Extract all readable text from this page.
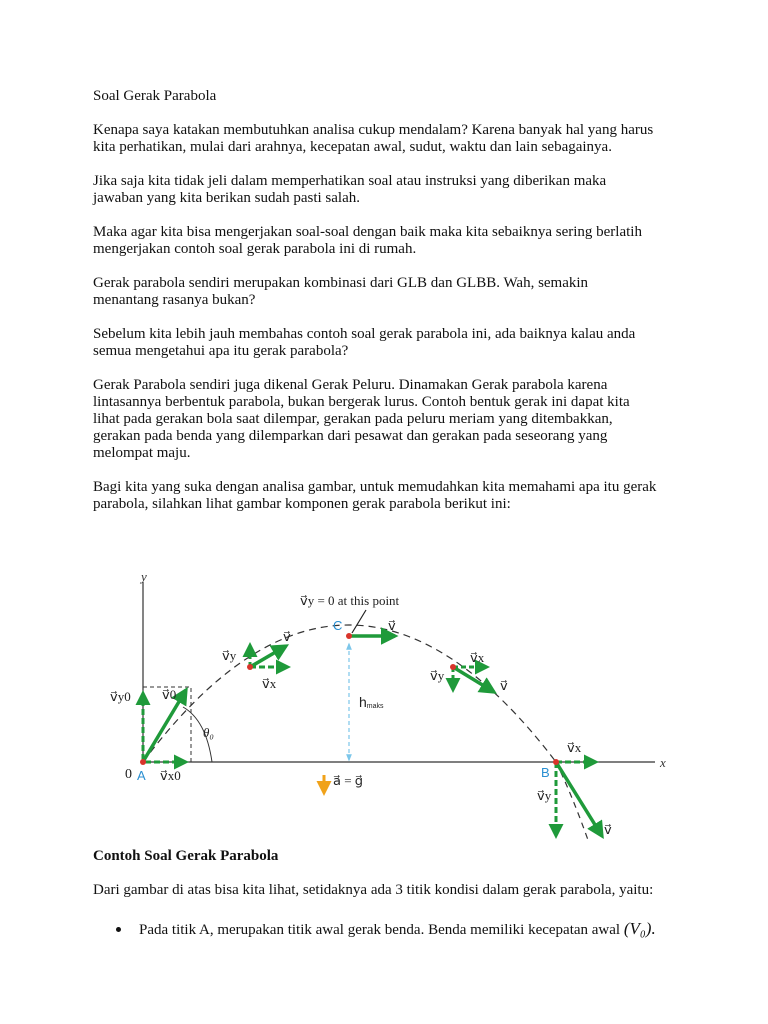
Soal Gerak Parabola
Kenapa saya katakan membutuhkan analisa cukup mendalam? Karena banyak hal yang harus
kita perhatikan, mulai dari arahnya, kecepatan awal, sudut, waktu dan lain sebagainya.
Jika saja kita tidak jeli dalam memperhatikan soal atau instruksi yang diberikan maka
jawaban yang kita berikan sudah pasti salah.
Maka agar kita bisa mengerjakan soal-soal dengan baik maka kita sebaiknya sering berlatih
mengerjakan contoh soal gerak parabola ini di rumah.
Gerak parabola sendiri merupakan kombinasi dari GLB dan GLBB. Wah, semakin
menantang rasanya bukan?
Sebelum kita lebih jauh membahas contoh soal gerak parabola ini, ada baiknya kalau anda
semua mengetahui apa itu gerak parabola?
Gerak Parabola sendiri juga dikenal Gerak Peluru. Dinamakan Gerak parabola karena
lintasannya berbentuk parabola, bukan bergerak lurus. Contoh bentuk gerak ini dapat kita
lihat pada gerakan bola saat dilempar, gerakan pada peluru meriam yang ditembakkan,
gerakan pada benda yang dilemparkan dari pesawat dan gerakan pada seseorang yang
melompat maju.
Bagi kita yang suka dengan analisa gambar, untuk memudahkan kita memahami apa itu gerak
parabola, silahkan lihat gambar komponen gerak parabola berikut ini:
y
x
0
θ₀
v⃗0
v⃗y0
v⃗x0
A
v⃗y
v⃗
v⃗x
hmaks
C	v⃗
v⃗y = 0 at this point
v⃗x
v⃗y
v⃗
B
v⃗x
v⃗y
v⃗
a⃗ = g⃗
Contoh Soal Gerak Parabola
Dari gambar di atas bisa kita lihat, setidaknya ada 3 titik kondisi dalam gerak parabola, yaitu:
Pada titik A, merupakan titik awal gerak benda. Benda memiliki kecepatan awal (V₀).
